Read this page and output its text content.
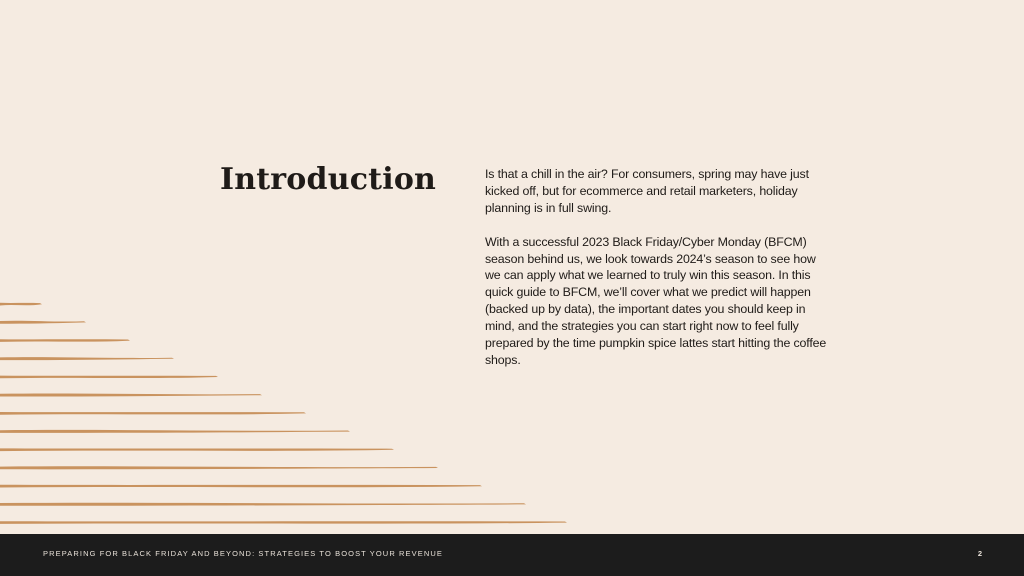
Introduction	Is that a chill in the air? For consumers, spring may have just kicked off, but for ecommerce and retail marketers, holiday planning is in full swing.

With a successful 2023 Black Friday/Cyber Monday (BFCM) season behind us, we look towards 2024’s season to see how we can apply what we learned to truly win this season. In this quick guide to BFCM, we’ll cover what we predict will happen (backed up by data), the important dates you should keep in mind, and the strategies you can start right now to feel fully prepared by the time pumpkin spice lattes start hitting the coffee shops.

PREPARING FOR BLACK FRIDAY AND BEYOND: STRATEGIES TO BOOST YOUR REVENUE	2
